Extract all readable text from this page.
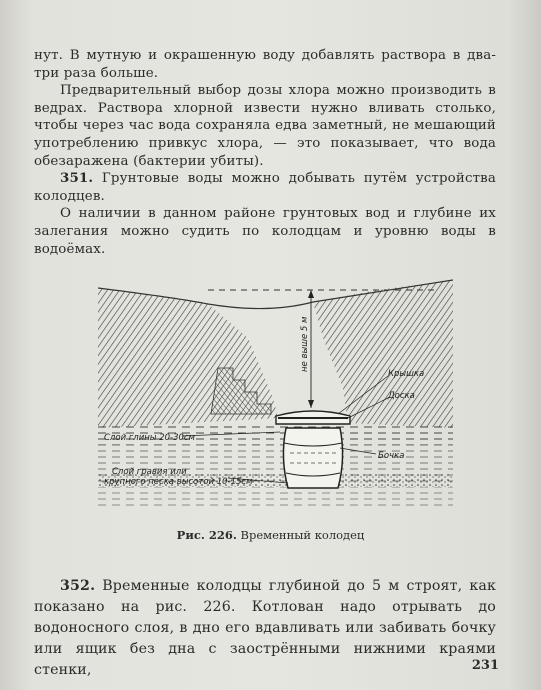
нут. В мутную и окрашенную воду добавлять раствора в два-три раза больше.

Предварительный выбор дозы хлора можно производить в ведрах. Раствора хлорной извести нужно вливать столько, чтобы через час вода сохраняла едва заметный, не мешающий употреблению привкус хлора, — это показывает, что вода обезаражена (бактерии убиты).

351. Грунтовые воды можно добывать путём устройства колодцев.

О наличии в данном районе грунтовых вод и глубине их залегания можно судить по колодцам и уровню воды в водоёмах.

не выше 5 м
Крышка
Доска
Бочка
Слой глины 20-30см
Слой гравия или
крупного песка высотой 10-15см
Рис. 226. Временный колодец

352. Временные колодцы глубиной до 5 м строят, как показано на рис. 226. Котлован надо отрывать до водоносного слоя, в дно его вдавливать или забивать бочку или ящик без дна с заострёнными нижними краями стенки,	231
